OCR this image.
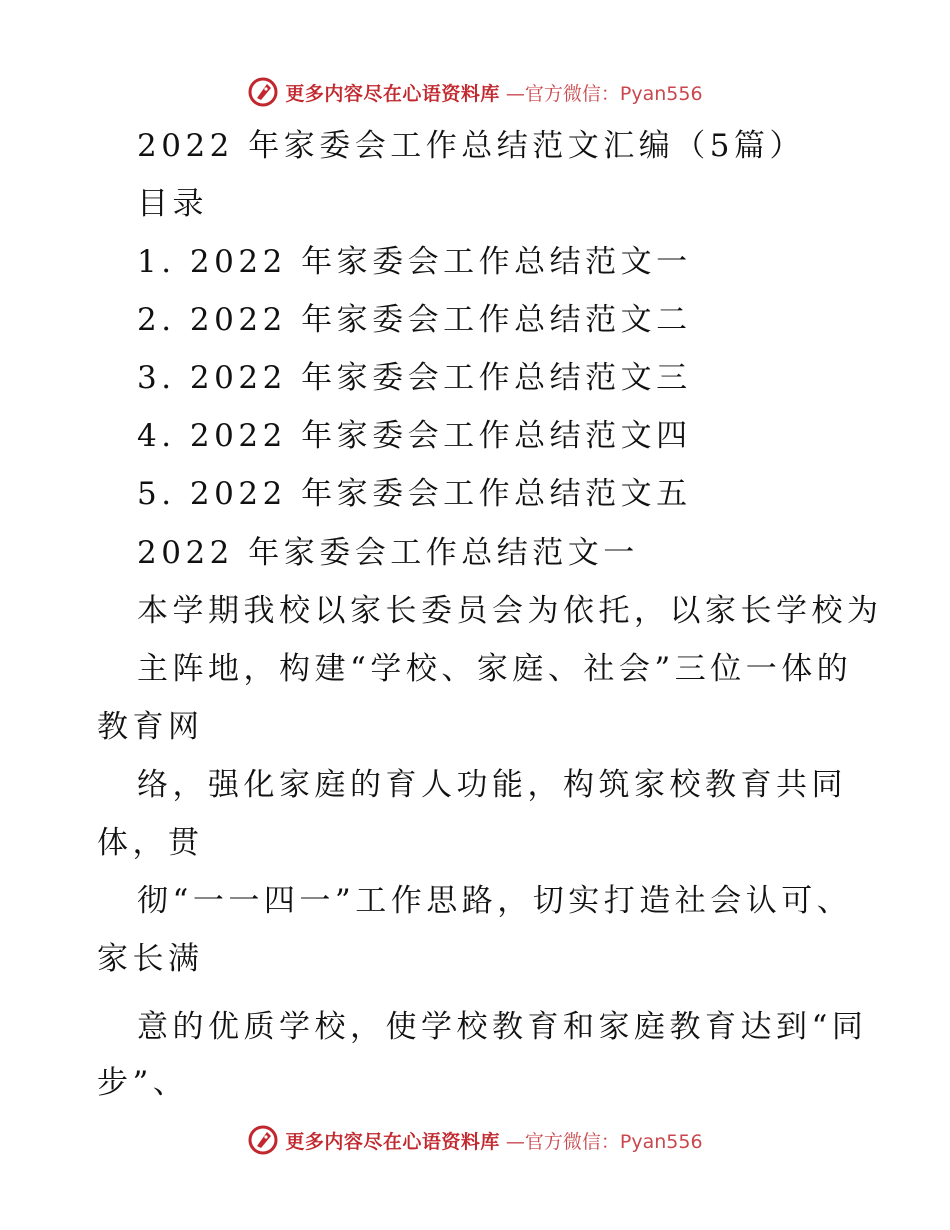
更多内容尽在心语资料库 —官方微信：Pyan556
2022 年家委会工作总结范文汇编（5篇）
目录
1. 2022 年家委会工作总结范文一
2. 2022 年家委会工作总结范文二
3. 2022 年家委会工作总结范文三
4. 2022 年家委会工作总结范文四
5. 2022 年家委会工作总结范文五
2022 年家委会工作总结范文一
本学期我校以家长委员会为依托，以家长学校为
主阵地，构建“学校、家庭、社会”三位一体的
教育网
络，强化家庭的育人功能，构筑家校教育共同
体，贯
彻“一一四一”工作思路，切实打造社会认可、
家长满
意的优质学校，使学校教育和家庭教育达到“同
步”、
更多内容尽在心语资料库 —官方微信：Pyan556
